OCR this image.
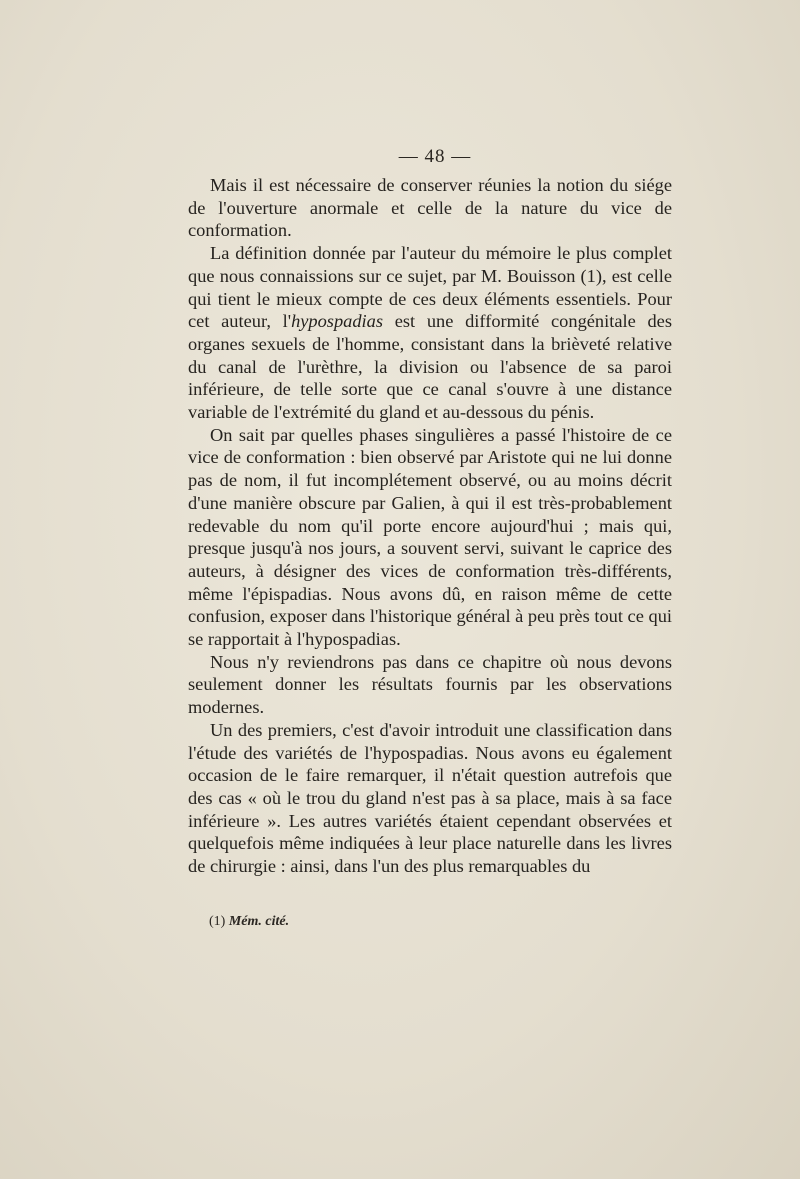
— 48 —

Mais il est nécessaire de conserver réunies la notion du siége de l'ouverture anormale et celle de la nature du vice de conformation.

La définition donnée par l'auteur du mémoire le plus complet que nous connaissions sur ce sujet, par M. Bouisson (1), est celle qui tient le mieux compte de ces deux éléments essentiels. Pour cet auteur, l'hypospadias est une difformité congénitale des organes sexuels de l'homme, consistant dans la brièveté relative du canal de l'urèthre, la division ou l'absence de sa paroi inférieure, de telle sorte que ce canal s'ouvre à une distance variable de l'extrémité du gland et au-dessous du pénis.

On sait par quelles phases singulières a passé l'histoire de ce vice de conformation : bien observé par Aristote qui ne lui donne pas de nom, il fut incomplétement observé, ou au moins décrit d'une manière obscure par Galien, à qui il est très-probablement redevable du nom qu'il porte encore aujourd'hui ; mais qui, presque jusqu'à nos jours, a souvent servi, suivant le caprice des auteurs, à désigner des vices de conformation très-différents, même l'épispadias. Nous avons dû, en raison même de cette confusion, exposer dans l'historique général à peu près tout ce qui se rapportait à l'hypospadias.

Nous n'y reviendrons pas dans ce chapitre où nous devons seulement donner les résultats fournis par les observations modernes.

Un des premiers, c'est d'avoir introduit une classification dans l'étude des variétés de l'hypospadias. Nous avons eu également occasion de le faire remarquer, il n'était question autrefois que des cas « où le trou du gland n'est pas à sa place, mais à sa face inférieure ». Les autres variétés étaient cependant observées et quelquefois même indiquées à leur place naturelle dans les livres de chirurgie : ainsi, dans l'un des plus remarquables du

(1) Mém. cité.
